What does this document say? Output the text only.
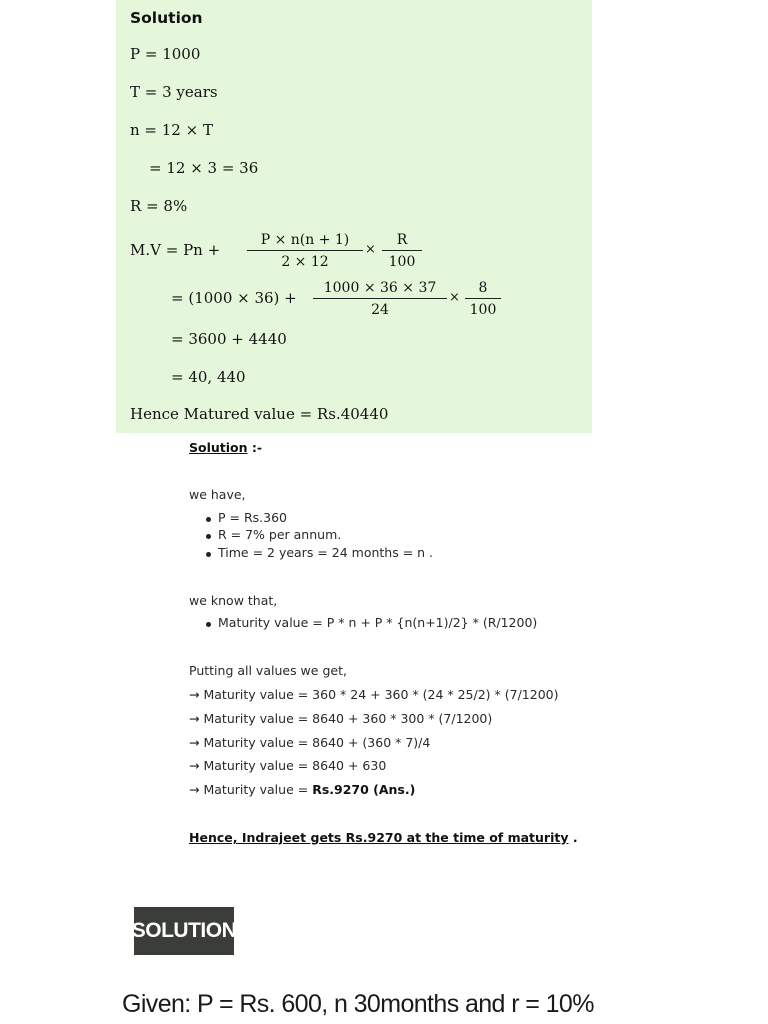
Solution
P = 1000
T = 3 years
n = 12 × T
= 12 × 3 = 36
R = 8%
M.V = Pn +
P × n(n + 1)
2 × 12
×
R
100
= (1000 × 36) +
1000 × 36 × 37
24
×
8
100
= 3600 + 4440
= 40, 440
Hence Matured value = Rs.40440
Solution :-
we have,
P = Rs.360
R = 7% per annum.
Time = 2 years = 24 months = n .
we know that,
Maturity value = P * n + P * {n(n+1)/2} * (R/1200)
Putting all values we get,
→ Maturity value = 360 * 24 + 360 * (24 * 25/2) * (7/1200)
→ Maturity value = 8640 + 360 * 300 * (7/1200)
→ Maturity value = 8640 + (360 * 7)/4
→ Maturity value = 8640 + 630
→ Maturity value = Rs.9270 (Ans.)
Hence, Indrajeet gets Rs.9270 at the time of maturity .
SOLUTION
Given: P = Rs. 600, n 30months and r = 10%
